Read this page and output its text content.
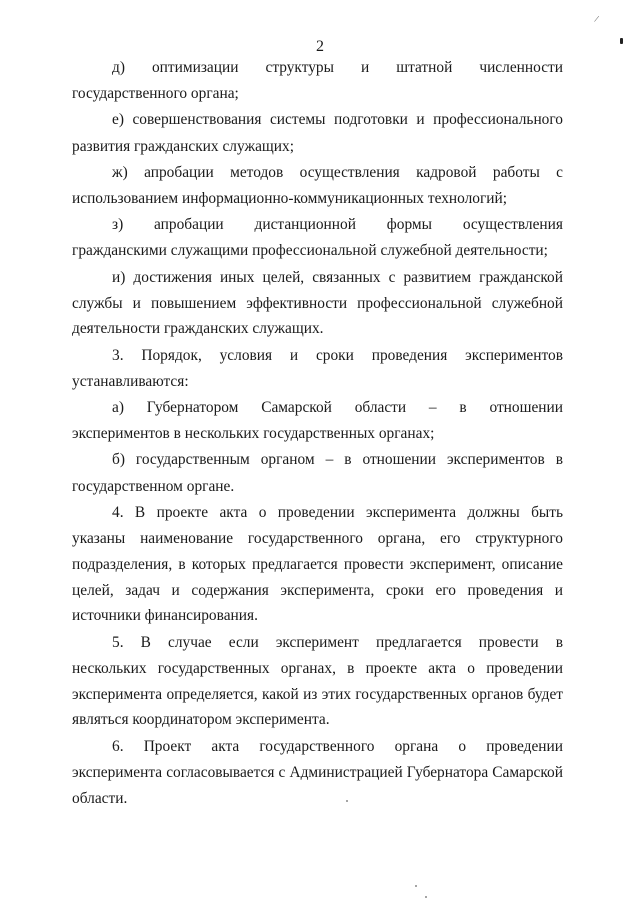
/
2
д) оптимизации структуры и штатной численности
государственного органа;
е) совершенствования системы подготовки и профессионального
развития гражданских служащих;
ж) апробации методов осуществления кадровой работы с
использованием информационно-коммуникационных технологий;
з) апробации дистанционной формы осуществления
гражданскими служащими профессиональной служебной деятельности;
и) достижения иных целей, связанных с развитием гражданской
службы и повышением эффективности профессиональной служебной деятельности гражданских служащих.
3. Порядок, условия и сроки проведения экспериментов
устанавливаются:
а) Губернатором Самарской области – в отношении
экспериментов в нескольких государственных органах;
б) государственным органом – в отношении экспериментов в
государственном органе.
4. В проекте акта о проведении эксперимента должны быть
указаны наименование государственного органа, его структурного подразделения, в которых предлагается провести эксперимент, описание целей, задач и содержания эксперимента, сроки его проведения и источники финансирования.
5. В случае если эксперимент предлагается провести в
нескольких государственных органах, в проекте акта о проведении эксперимента определяется, какой из этих государственных органов будет являться координатором эксперимента.
6. Проект акта государственного органа о проведении
эксперимента согласовывается с Администрацией Губернатора Самарской области.
